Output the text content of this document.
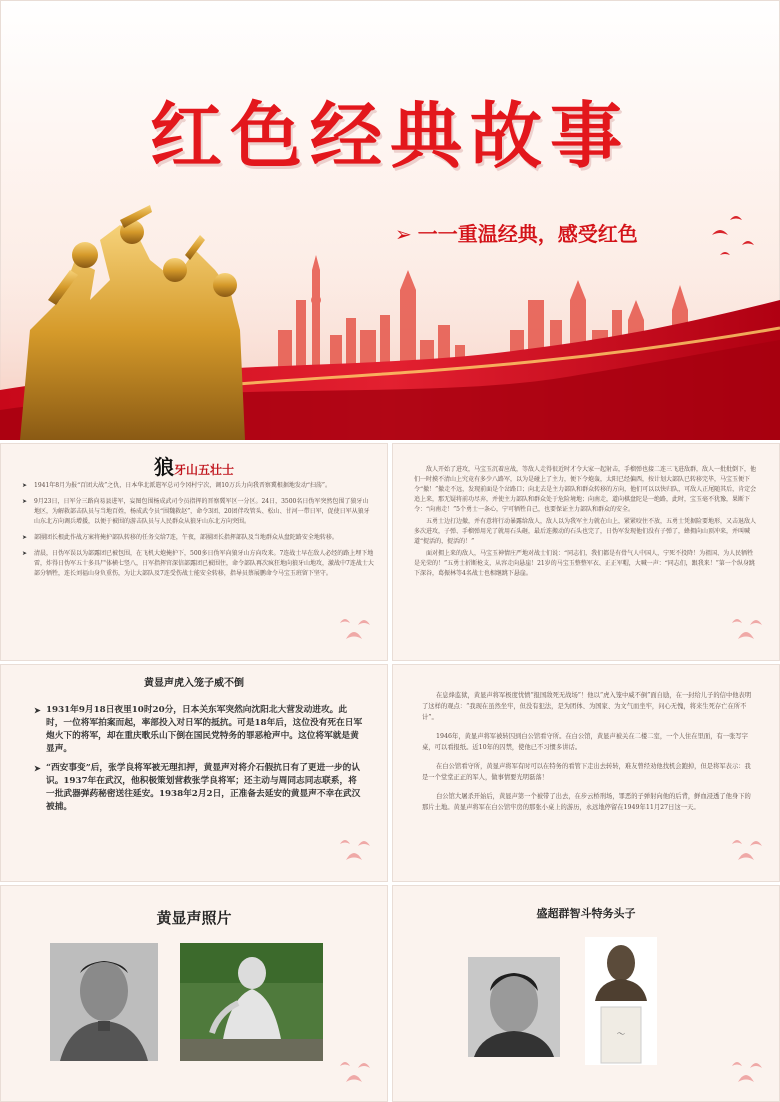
红色经典故事
➢ 一一重温经典，感受红色
狼牙山五壮士
➤ 1941年8月为报“百团大战”之仇，日本华北派遣军总司令冈村宁次，调10万兵力向我晋察冀根据地发动“扫荡”。
➤ 9月23日，日军分三路向易县进军，妄图包围杨成武司令员指挥的晋察冀军区一分区。24日，3500名日伪军突然包围了狼牙山地区，为解救部击队员与当地百姓，杨成武令员“围魏救赵”，命令3团、20团伴攻管头、松山、甘河一带日军，促使日军从狼牙山东北方向调兵增援，以便于被围的游击队员与人民群众从狼牙山东北方向突围。
➤ 部團团长根此作战方案将掩护部队转移的任务交给7连，午夜，部團团长指挥部队及当地群众从盘陀路安全地转移。
➤ 清晨，日伪军误以为部露团已被包围，在飞机大炮掩护下，500多日伪军向狼牙山方向攻来。7连战士早在敌人必经的路上埋下地雷，炸得日伪军五十多具尸体横七竖八，日军指挥官深信部露团已被围住，命令部队再次疯狂地向狼牙山地攻，激战中7连战士大部分牺牲，连长刘福山身负重伤，为让大部队及7连受伤战士能安全转移，指导员蔡展鹏命令马宝玉班留下坚守。
敌人开始了进攻，马宝玉沉着应战，等敌人走得很近时才令大家一起射击，手榴弹也接二连三飞进敌群，敌人一批批倒下，他们一时摸不清山上究竟有多少八路军，以为是碰上了主力，便下令炮轰，太阳已经偏西，按计划大部队已转移完毕，马宝玉便下令“撤！”撤走不远，发现前面是个岔路口；向北去是主力部队和群众转移的方向，他们可以以快归队，可敌人正尾随其后，肯定会追上来，那无疑将前功尽弃，并使主力部队和群众处于危险境地；向南走，道向棋盘陀是一绝路，此时，宝玉毫不犹豫，果断下令：“向南走！”5个勇士一条心，宁可牺牲自己，也要保证主力部队和群众的安全。
五勇士边打边撤，并有意将行动暴露给敌人，敌人以为我军主力就在山上，紧紧咬住不放，五勇士凭据险要地形，又击退敌人多次进攻，子弹、手榴弹用光了就用石头砸，最后连搬动的石头也完了，日伪军发现他们没有子弹了，蜂拥向山顶冲来，并叫喊道“捉活的，捉活的！”
面对拥上来的敌人，马宝玉神情庄严地对战士们说：“同志们，我们都是有骨气人中国人，宁死不投降！为祖国、为人民牺牲是光荣的！”五勇士折断枪支，从容走向悬崖！21岁的马宝玉整整军衣、正正军帽，大喊一声：“同志们，跟我来！”第一个纵身跳下深谷，葛振林等4名战士也相继跳下悬崖。
黄显声虎入笼子威不倒
➤ 1931年9月18日夜里10时20分，日本关东军突然向沈阳北大营发动进攻。此时，一位将军拍案而起，率部投入对日军的抵抗。可是18年后，这位没有死在日军炮火下的将军，却在重庆歌乐山下倒在国民党特务的罪恶枪声中。这位将军就是黄显声。
➤ “西安事变”后，张学良将军被无理扣押，黄显声对将介石假抗日有了更进一步的认识。1937年在武汉，他积极策划营救张学良将军；还主动与周同志同志联系，将一批武器弹药秘密送往延安。1938年2月2日，正准备去延安的黄显声不幸在武汉被捕。
在息烽监狱，黄显声将军极度忧愤“报国敌死无战场”！他以“虎入笼中威不倒”面自励，在一封给儿子的信中他表明了这样的观点：“我现在虽然坐牢，但没有犯法，是为团体、为国家、为文气而坐牢，问心无愧，将来生死存亡在所不计”。
1946年，黄显声将军被转囚到白公馆看守所。在白公馆，黄显声被关在二楼二室，一个人住在里面，有一张写字桌，可以看报纸。近10年的囚禁，使他已不习惯多讲话。
在白公馆看守所，黄显声将军有时可以在特务的看管下走出去转转，难友曾经劝他找机会跑掉，但是将军表示：我是一个堂堂正正的军人，做事情要光明磊落！
白公馆大屠杀开始后，黄显声第一个被带了出去，在步云桥刑场，罪恶的子弹射向他的后背，鲜血浸透了他身下的那片土地。黄显声将军在白公馆牢房的那张小桌上的游历，永远地停留在1949年11月27日这一天。
黄显声照片	盛超群智斗特务头子
～
